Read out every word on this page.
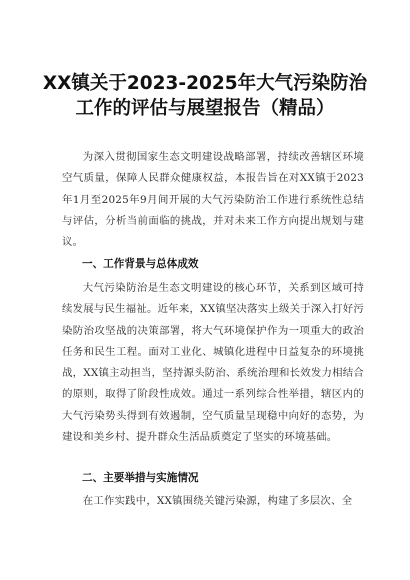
XX镇关于2023-2025年大气污染防治
工作的评估与展望报告（精品）
为深入贯彻国家生态文明建设战略部署，持续改善辖区环境空气质量，保障人民群众健康权益，本报告旨在对XX镇于2023年1月至2025年9月间开展的大气污染防治工作进行系统性总结与评估，分析当前面临的挑战，并对未来工作方向提出规划与建议。
一、工作背景与总体成效
大气污染防治是生态文明建设的核心环节，关系到区域可持续发展与民生福祉。近年来，XX镇坚决落实上级关于深入打好污染防治攻坚战的决策部署，将大气环境保护作为一项重大的政治任务和民生工程。面对工业化、城镇化进程中日益复杂的环境挑战，XX镇主动担当，坚持源头防治、系统治理和长效发力相结合的原则，取得了阶段性成效。通过一系列综合性举措，辖区内的大气污染势头得到有效遏制，空气质量呈现稳中向好的态势，为建设和美乡村、提升群众生活品质奠定了坚实的环境基础。
二、主要举措与实施情况
在工作实践中，XX镇围绕关键污染源，构建了多层次、全
